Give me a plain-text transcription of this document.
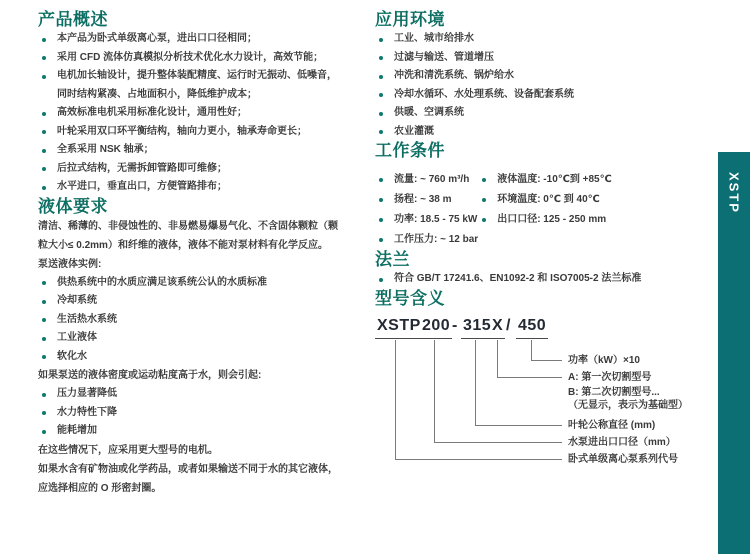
产品概述
本产品为卧式单级离心泵，进出口口径相同；
采用 CFD 流体仿真模拟分析技术优化水力设计，高效节能；
电机加长轴设计，提升整体装配精度、运行时无振动、低噪音，同时结构紧凑、占地面积小，降低维护成本；
高效标准电机采用标准化设计，通用性好；
叶轮采用双口环平衡结构，轴向力更小，轴承寿命更长；
全系采用 NSK 轴承；
后拉式结构，无需拆卸管路即可维修；
水平进口，垂直出口，方便管路排布；
液体要求

清洁、稀薄的、非侵蚀性的、非易燃易爆易气化、不含固体颗粒（颗粒大小≤ 0.2mm）和纤维的液体，液体不能对泵材料有化学反应。

泵送液体实例:

供热系统中的水质应满足该系统公认的水质标准
冷却系统
生活热水系统
工业液体
软化水

如果泵送的液体密度或运动粘度高于水，则会引起:

压力显著降低
水力特性下降
能耗增加

在这些情况下，应采用更大型号的电机。

如果水含有矿物油或化学药品，或者如果输送不同于水的其它液体，应选择相应的 O 形密封圈。

应用环境
工业、城市给排水
过滤与输送、管道增压
冲洗和清洗系统、锅炉给水
冷却水循环、水处理系统、设备配套系统
供暖、空调系统
农业灌溉
工作条件
流量: ~ 760 m³/h
扬程: ~ 38 m
功率: 18.5 - 75 kW
工作压力: ~ 12 bar
液体温度: -10℃到 +85℃
环境温度: 0℃ 到 40℃
出口口径: 125 - 250 mm
法兰
符合 GB/T 17241.6、EN1092-2 和 ISO7005-2 法兰标准
型号含义
XSTP 200 - 315 X / 450
功率（kW）×10
A: 第一次切割型号
B: 第二次切割型号...
（无显示，表示为基础型）
叶轮公称直径 (mm)
水泵进出口口径（mm）
卧式单级离心泵系列代号
XSTP
